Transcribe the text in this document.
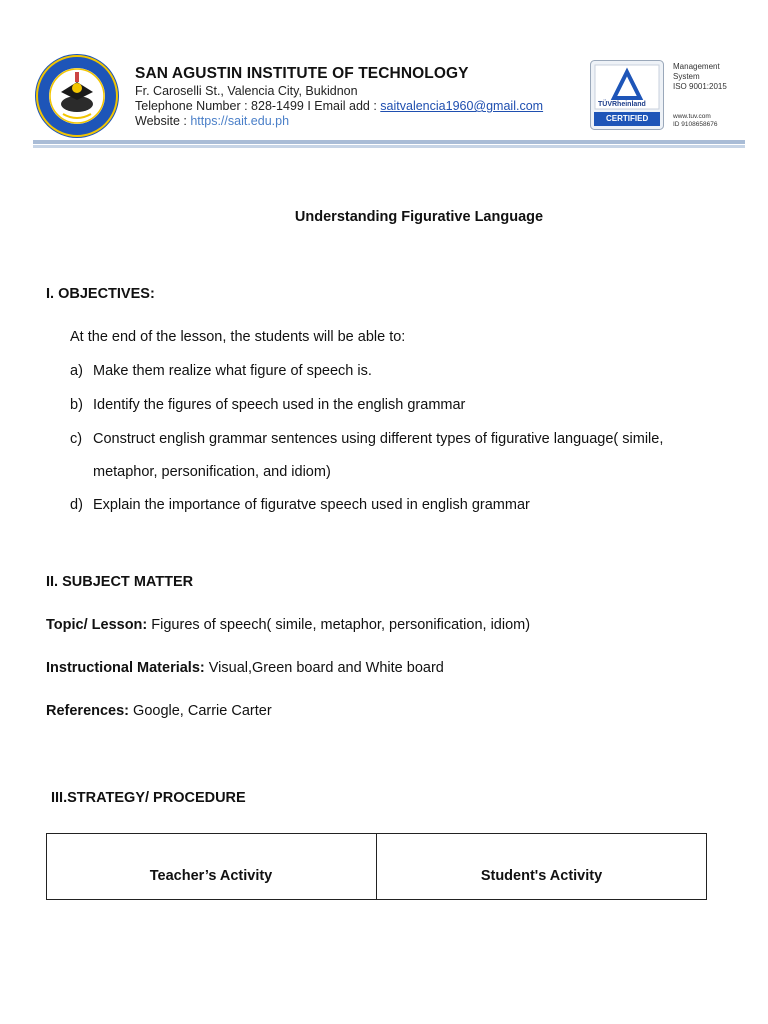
SAN AGUSTIN INSTITUTE OF TECHNOLOGY
Fr. Caroselli St., Valencia City, Bukidnon
Telephone Number : 828-1499 I Email add : saitvalencia1960@gmail.com
Website : https://sait.edu.ph
TÜVRheinland
CERTIFIED
Management
System
ISO 9001:2015
www.tuv.com
ID 9108658676
Understanding Figurative Language
I. OBJECTIVES:
At the end of the lesson, the students will be able to:
a) Make them realize what figure of speech is.
b) Identify the figures of speech used in the english grammar
c) Construct english grammar sentences using different types of figurative language( simile,
metaphor, personification, and idiom)
d) Explain the importance of figuratve speech used in english grammar
II. SUBJECT MATTER
Topic/ Lesson: Figures of speech( simile, metaphor, personification, idiom)
Instructional Materials: Visual,Green board and White board
References: Google, Carrie Carter
III.STRATEGY/ PROCEDURE
Teacher’s Activity	Student's Activity
